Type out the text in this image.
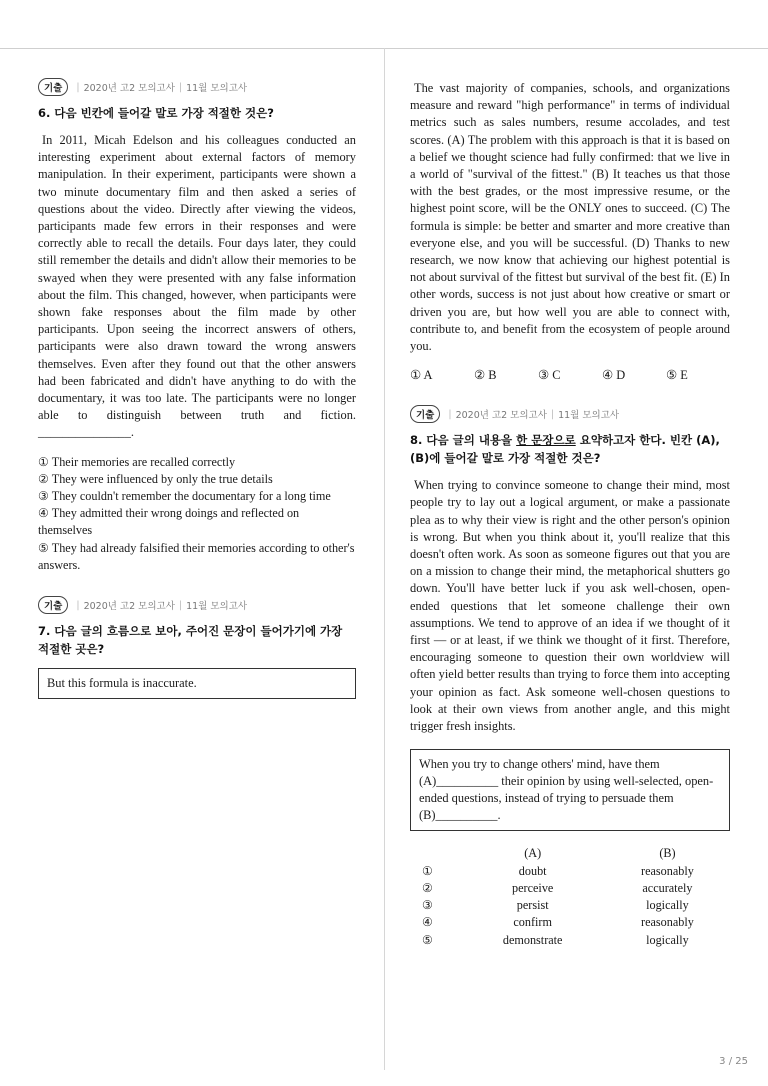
기출	| 2020년 고2 모의고사 | 11월 모의고사
6. 다음 빈칸에 들어갈 말로 가장 적절한 것은?

In 2011, Micah Edelson and his colleagues conducted an interesting experiment about external factors of memory manipulation. In their experiment, participants were shown a two minute documentary film and then asked a series of questions about the video. Directly after viewing the videos, participants made few errors in their responses and were correctly able to recall the details. Four days later, they could still remember the details and didn't allow their memories to be swayed when they were presented with any false information about the film. This changed, however, when participants were shown fake responses about the film made by other participants. Upon seeing the incorrect answers of others, participants were also drawn toward the wrong answers themselves. Even after they found out that the other answers had been fabricated and didn't have anything to do with the documentary, it was too late. The participants were no longer able to distinguish between truth and fiction. _______________.

① Their memories are recalled correctly
② They were influenced by only the true details
③ They couldn't remember the documentary for a long time
④ They admitted their wrong doings and reflected on themselves
⑤ They had already falsified their memories according to other's answers.
기출	| 2020년 고2 모의고사 | 11월 모의고사
7. 다음 글의 흐름으로 보아, 주어진 문장이 들어가기에 가장 적절한 곳은?
But this formula is inaccurate.

The vast majority of companies, schools, and organizations measure and reward "high performance" in terms of individual metrics such as sales numbers, resume accolades, and test scores. (A) The problem with this approach is that it is based on a belief we thought science had fully confirmed: that we live in a world of "survival of the fittest." (B) It teaches us that those with the best grades, or the most impressive resume, or the highest point score, will be the ONLY ones to succeed. (C) The formula is simple: be better and smarter and more creative than everyone else, and you will be successful. (D) Thanks to new research, we now know that achieving our highest potential is not about survival of the fittest but survival of the best fit. (E) In other words, success is not just about how creative or smart or driven you are, but how well you are able to connect with, contribute to, and benefit from the ecosystem of people around you.

① A	② B	③ C	④ D	⑤ E
기출	| 2020년 고2 모의고사 | 11월 모의고사
8. 다음 글의 내용을 한 문장으로 요약하고자 한다. 빈칸 (A), (B)에 들어갈 말로 가장 적절한 것은?

When trying to convince someone to change their mind, most people try to lay out a logical argument, or make a passionate plea as to why their view is right and the other person's opinion is wrong. But when you think about it, you'll realize that this doesn't often work. As soon as someone figures out that you are on a mission to change their mind, the metaphorical shutters go down. You'll have better luck if you ask well-chosen, open-ended questions that let someone challenge their own assumptions. We tend to approve of an idea if we thought of it first — or at least, if we think we thought of it first. Therefore, encouraging someone to question their own worldview will often yield better results than trying to force them into accepting your opinion as fact. Ask someone well-chosen questions to look at their own views from another angle, and this might trigger fresh insights.

When you try to change others' mind, have them (A)__________ their opinion by using well-selected, open-ended questions, instead of trying to persuade them (B)__________.
(A)	(B)
①	doubt	reasonably
②	perceive	accurately
③	persist	logically
④	confirm	reasonably
⑤	demonstrate	logically
3 / 25
